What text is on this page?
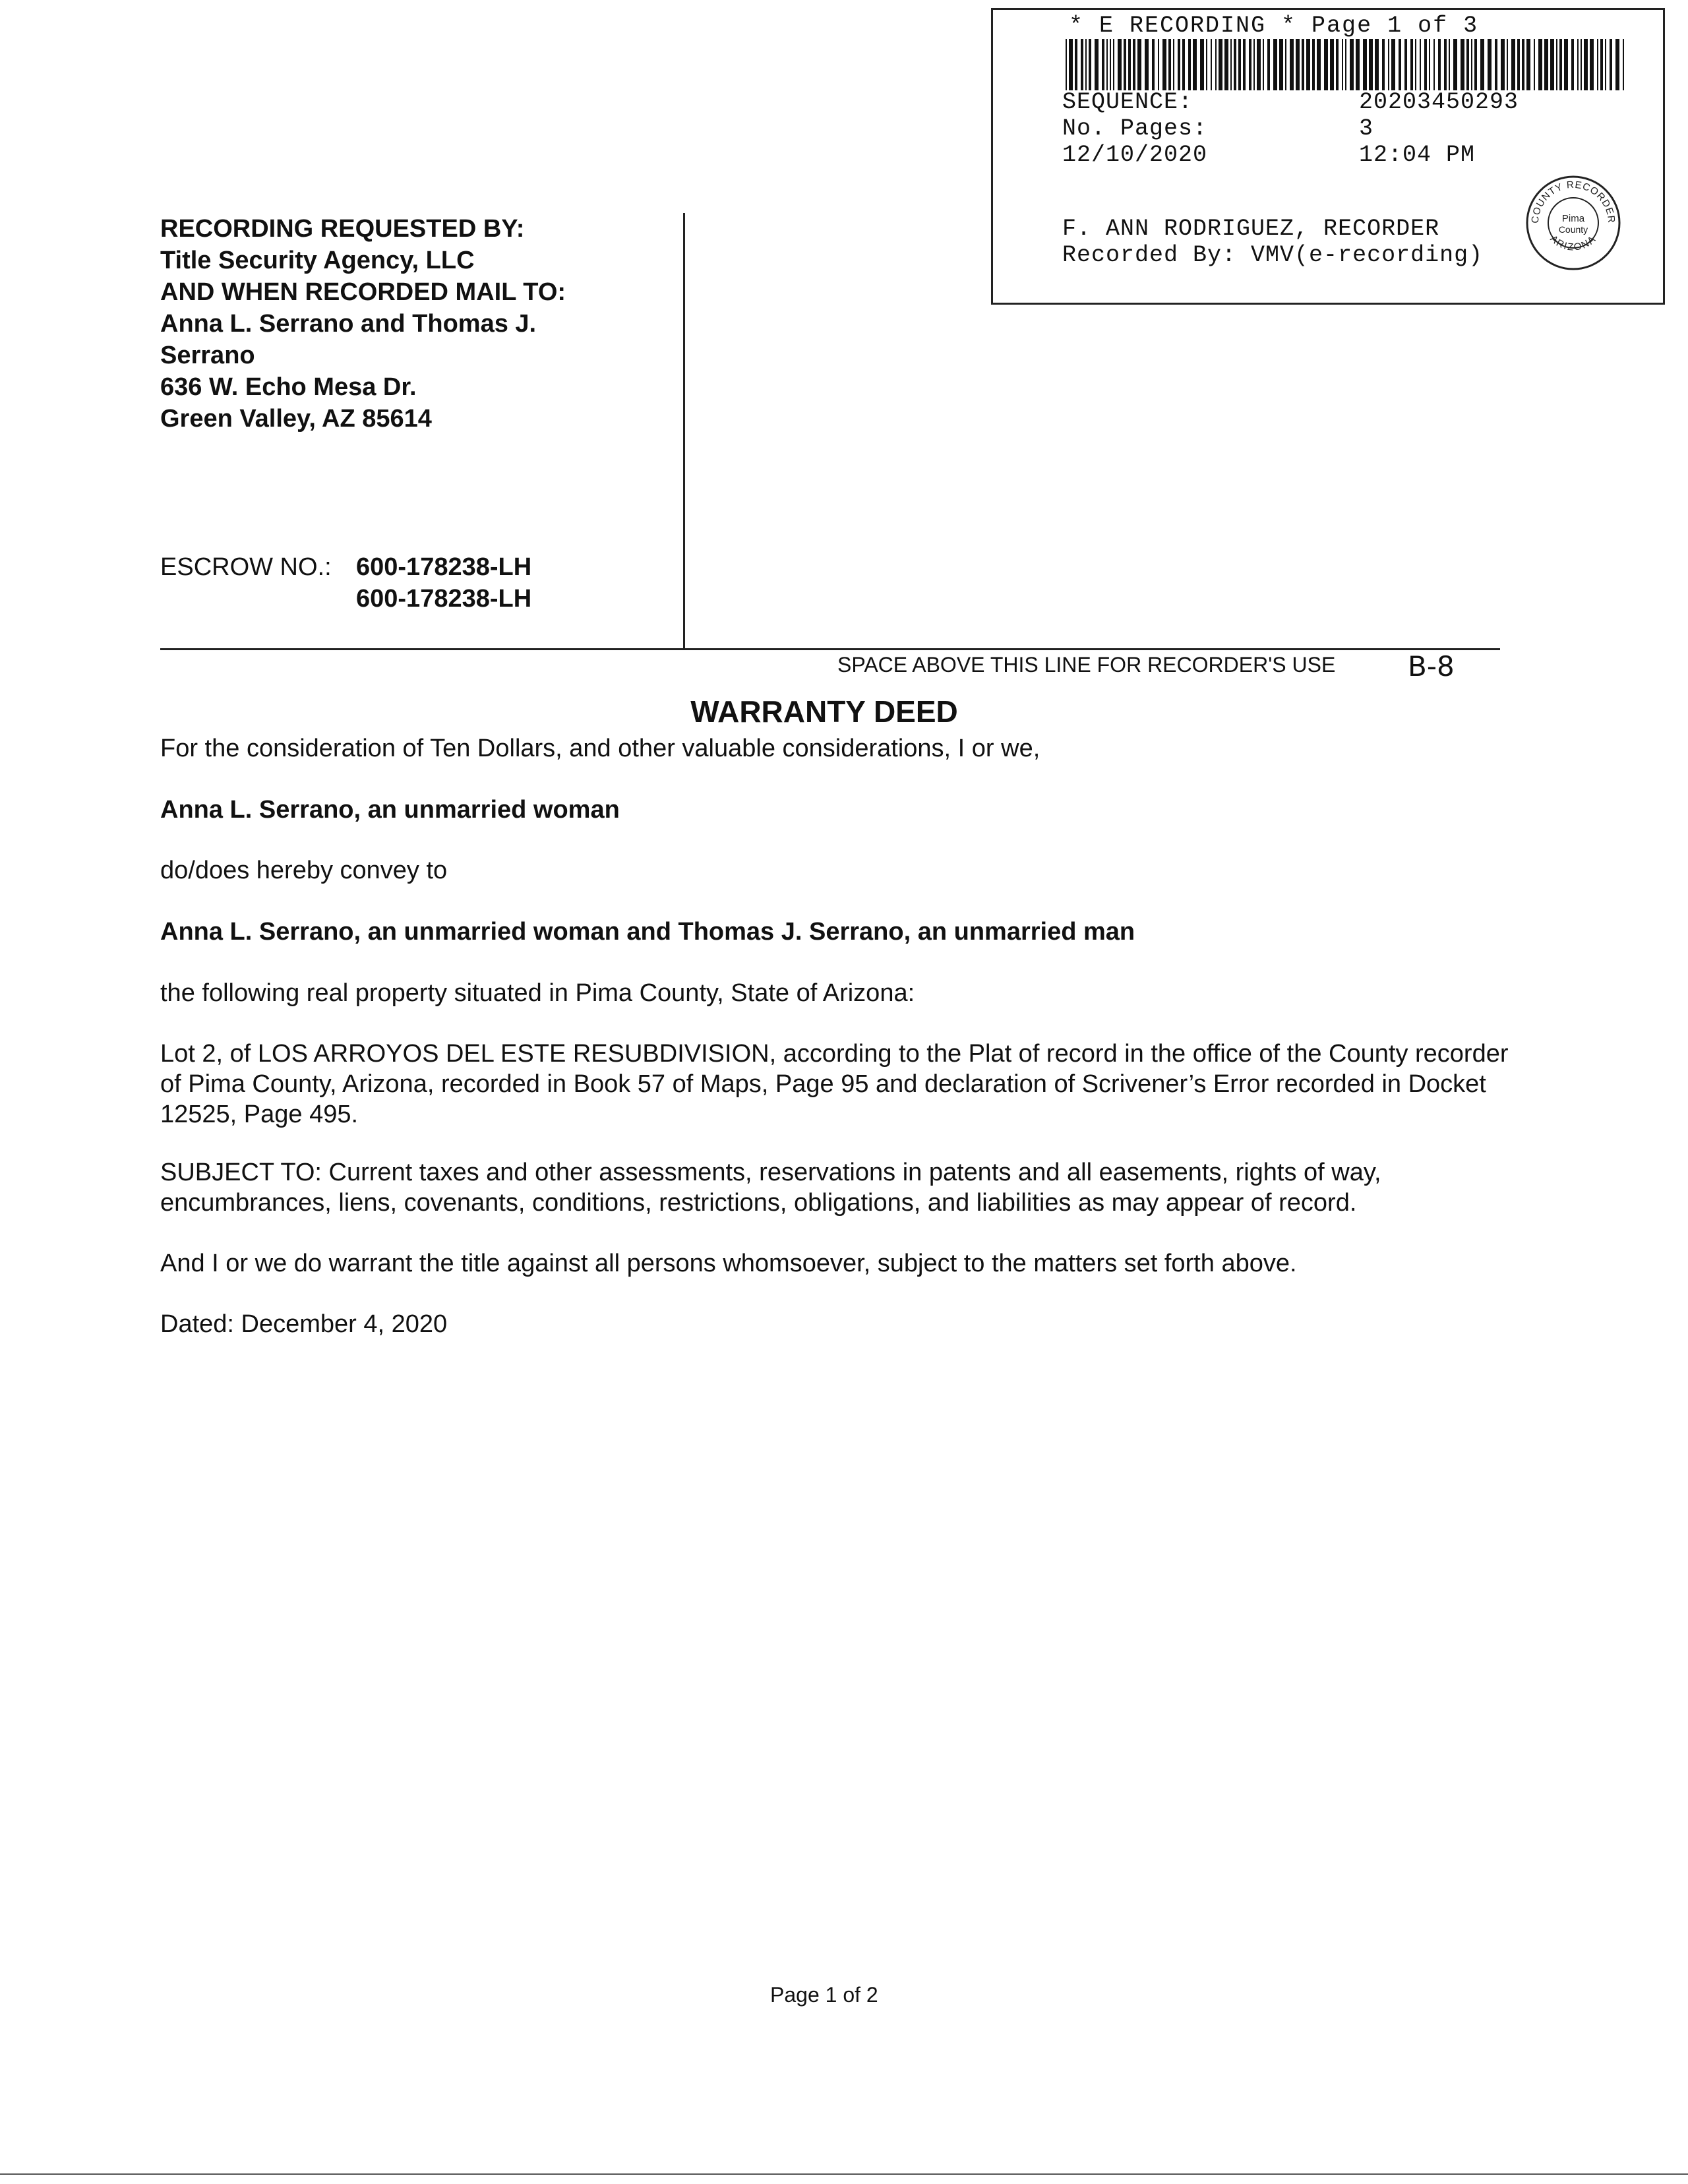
* E RECORDING * Page 1 of 3
SEQUENCE:	20203450293
No. Pages:	3
12/10/2020	12:04 PM
F. ANN RODRIGUEZ, RECORDER
Recorded By: VMV(e-recording)
COUNTY RECORDER
ARIZONA
Pima
County
RECORDING REQUESTED BY:
Title Security Agency, LLC
AND WHEN RECORDED MAIL TO:
Anna L. Serrano and Thomas J.
Serrano
636 W. Echo Mesa Dr.
Green Valley, AZ 85614
ESCROW NO.: 600-178238-LH
600-178238-LH
SPACE ABOVE THIS LINE FOR RECORDER'S USE	B-8
WARRANTY DEED
For the consideration of Ten Dollars, and other valuable considerations, I or we,
Anna L. Serrano, an unmarried woman
do/does hereby convey to
Anna L. Serrano, an unmarried woman and Thomas J. Serrano, an unmarried man
the following real property situated in Pima County, State of Arizona:
Lot 2, of LOS ARROYOS DEL ESTE RESUBDIVISION, according to the Plat of record in the office of the County recorder of Pima County, Arizona, recorded in Book 57 of Maps, Page 95 and declaration of Scrivener’s Error recorded in Docket 12525, Page 495.
SUBJECT TO: Current taxes and other assessments, reservations in patents and all easements, rights of way, encumbrances, liens, covenants, conditions, restrictions, obligations, and liabilities as may appear of record.
And I or we do warrant the title against all persons whomsoever, subject to the matters set forth above.
Dated: December 4, 2020
Page 1 of 2
